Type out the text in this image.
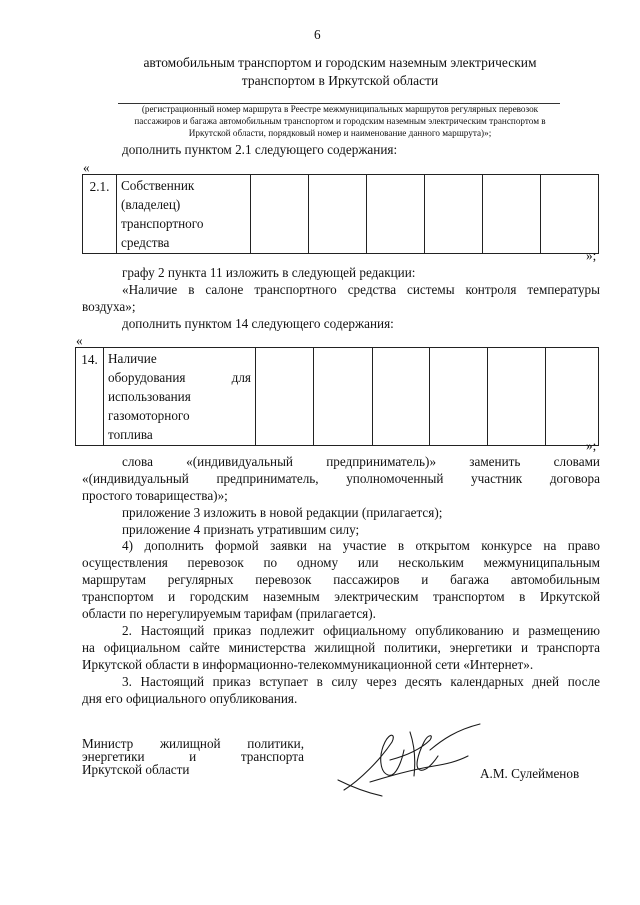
6
автомобильным транспортом и городским наземным электрическим
транспортом в Иркутской области
(регистрационный номер маршрута в Реестре межмуниципальных маршрутов регулярных перевозок
пассажиров и багажа автомобильным транспортом и городским наземным электрическим транспортом в
Иркутской области, порядковый номер и наименование данного маршрута)»;
дополнить пунктом 2.1 следующего содержания:
«
2.1.	Собственник
(владелец)
транспортного
средства

»;
графу 2 пункта 11 изложить в следующей редакции:
«Наличие в салоне транспортного средства системы контроля температуры
воздуха»;
дополнить пунктом 14 следующего содержания:
«
14.	Наличие
оборудования	для
использования
газомоторного
топлива

»;
слова «(индивидуальный предприниматель)» заменить словами
«(индивидуальный предприниматель, уполномоченный участник договора
простого товарищества)»;
приложение 3 изложить в новой редакции (прилагается);
приложение 4 признать утратившим силу;
4) дополнить формой заявки на участие в открытом конкурсе на право
осуществления перевозок по одному или нескольким межмуниципальным
маршрутам регулярных перевозок пассажиров и багажа автомобильным
транспортом и городским наземным электрическим транспортом в Иркутской
области по нерегулируемым тарифам (прилагается).
2. Настоящий приказ подлежит официальному опубликованию и размещению
на официальном сайте министерства жилищной политики, энергетики и транспорта
Иркутской области в информационно-телекоммуникационной сети «Интернет».
3. Настоящий приказ вступает в силу через десять календарных дней после
дня его официального опубликования.
Министр жилищной политики,
энергетики и транспорта
Иркутской области	А.М. Сулейменов
